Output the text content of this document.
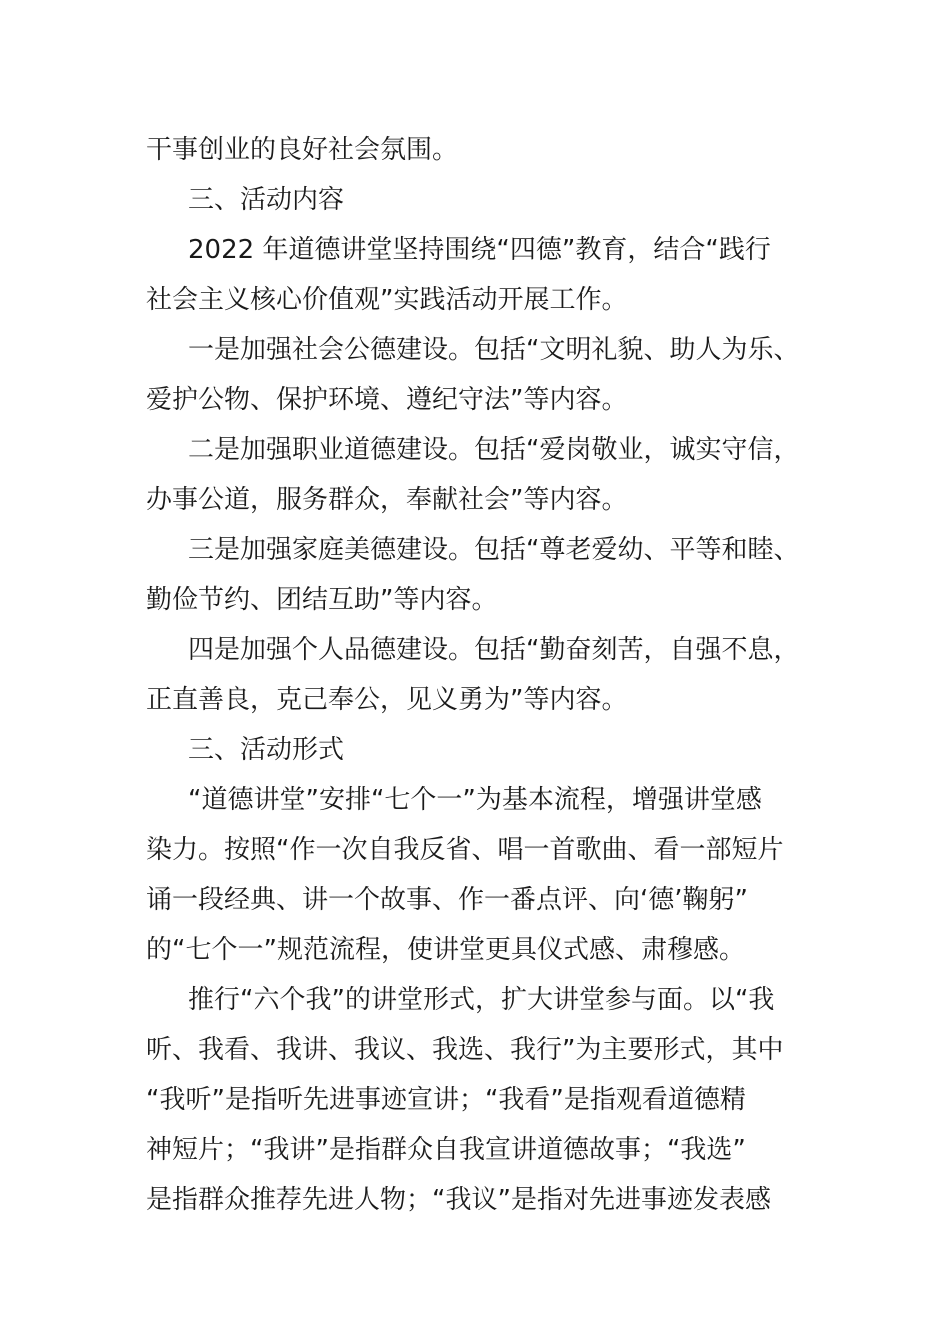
干事创业的良好社会氛围。
三、活动内容
2022 年道德讲堂坚持围绕“四德”教育，结合“践行
社会主义核心价值观”实践活动开展工作。
一是加强社会公德建设。包括“文明礼貌、助人为乐、
爱护公物、保护环境、遵纪守法”等内容。
二是加强职业道德建设。包括“爱岗敬业，诚实守信，
办事公道，服务群众，奉献社会”等内容。
三是加强家庭美德建设。包括“尊老爱幼、平等和睦、
勤俭节约、团结互助”等内容。
四是加强个人品德建设。包括“勤奋刻苦，自强不息，
正直善良，克己奉公，见义勇为”等内容。
三、活动形式
“道德讲堂”安排“七个一”为基本流程，增强讲堂感
染力。按照“作一次自我反省、唱一首歌曲、看一部短片
诵一段经典、讲一个故事、作一番点评、向‘德’鞠躬”
的“七个一”规范流程，使讲堂更具仪式感、肃穆感。
推行“六个我”的讲堂形式，扩大讲堂参与面。以“我
听、我看、我讲、我议、我选、我行”为主要形式，其中
“我听”是指听先进事迹宣讲；“我看”是指观看道德精
神短片；“我讲”是指群众自我宣讲道德故事；“我选”
是指群众推荐先进人物；“我议”是指对先进事迹发表感
